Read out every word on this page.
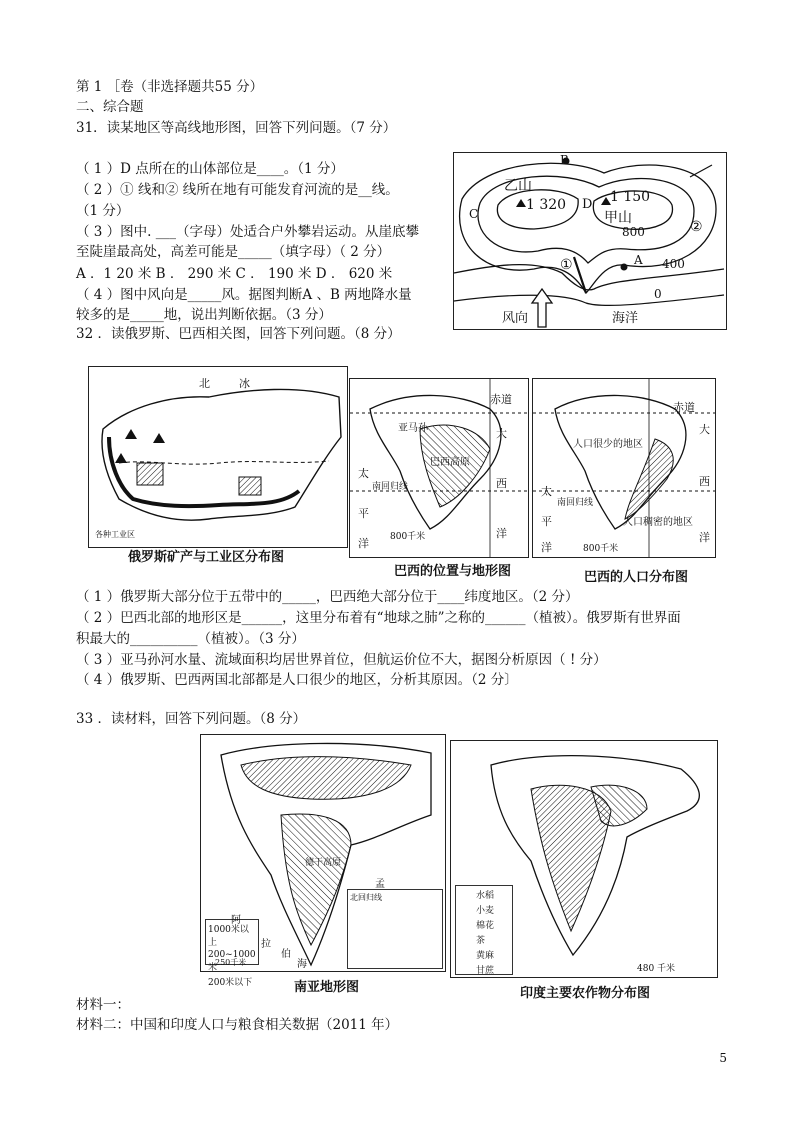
第 1 ［卷（非选择题共55 分）
二、综合题
31．读某地区等高线地形图，回答下列问题。（7 分）
（ 1 ）D 点所在的山体部位是____。（1 分）
（ 2 ）① 线和② 线所在地有可能发育河流的是__线。
（1 分）
（ 3 ）图中. ___（字母）处适合户外攀岩运动。从崖底攀
至陡崖最高处，高差可能是_____（填字母）（ 2 分）
A ．1 20 米 B ． 290 米 C ． 190 米 D ． 620 米
（ 4 ）图中风向是_____风。据图判断A 、B 两地降水量
较多的是_____地，说出判断依据。（3 分）
乙山
1 320	1 150
甲山
800
400
0
A
B
C
D
①
②
风向	海洋
32 ．读俄罗斯、巴西相关图，回答下列问题。（8 分）
北	冰
各种工业区
赤道
亚马孙
巴西高原
太
平
洋
南回归线
800千米
大
西
洋
赤道
人口很少的地区
人口稠密的地区
太
平
洋
南回归线
800千米
大
西
洋
俄罗斯矿产与工业区分布图
巴西的位置与地形图	巴西的人口分布图
（ 1 ）俄罗斯大部分位于五带中的_____，巴西绝大部分位于____纬度地区。（2 分）
（ 2 ）巴西北部的地形区是______，这里分布着有“地球之肺”之称的______（植被）。俄罗斯有世界面
积最大的__________（植被）。（3 分）
（ 3 ）亚马孙河水量、流域面积均居世界首位，但航运价位不大，据图分析原因（ ! 分）
（ 4 ）俄罗斯、巴西两国北部都是人口很少的地区，分析其原因。（2 分〕
33 ．读材料，回答下列问题。（8 分）
1000米以上
200~1000米
200米以下
北回归线
250千米
德干高原
阿
拉
伯
海
孟
水稻
小麦
棉花
茶
黄麻
甘蔗	480 千米
南亚地形图	印度主要农作物分布图
材料一：
材料二：中国和印度人口与粮食相关数据（2011 年）
5
